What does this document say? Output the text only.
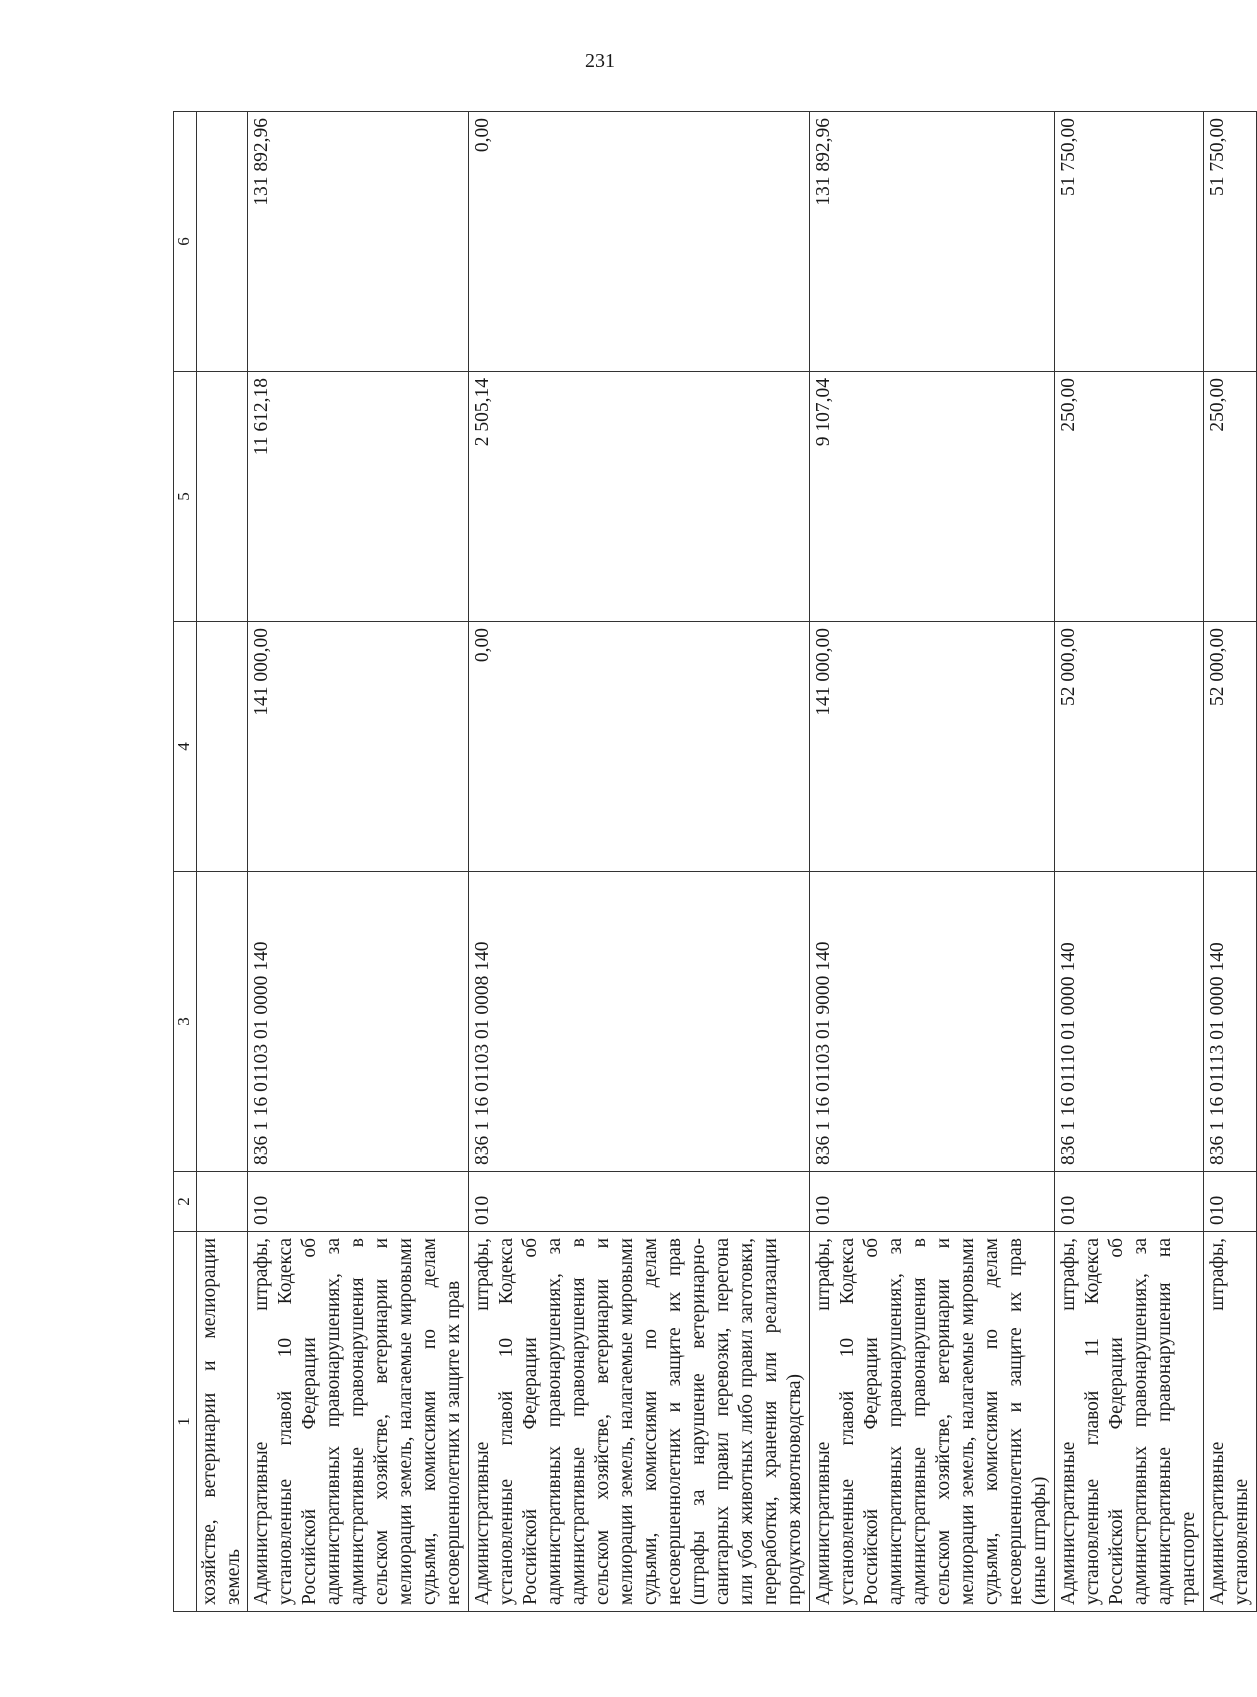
231
1	2	3	4	5	6
хозяйстве, ветеринарии и мелиорации земель					
Административные штрафы, установленные главой 10 Кодекса Российской Федерации об административных правонарушениях, за административные правонарушения в сельском хозяйстве, ветеринарии и мелиорации земель, налагаемые мировыми судьями, комиссиями по делам несовершеннолетних и защите их прав	010	836 1 16 01103 01 0000 140	141 000,00	11 612,18	131 892,96
Административные штрафы, установленные главой 10 Кодекса Российской Федерации об административных правонарушениях, за административные правонарушения в сельском хозяйстве, ветеринарии и мелиорации земель, налагаемые мировыми судьями, комиссиями по делам несовершеннолетних и защите их прав (штрафы за нарушение ветеринарно-санитарных правил перевозки, перегона или убоя животных либо правил заготовки, переработки, хранения или реализации продуктов животноводства)	010	836 1 16 01103 01 0008 140	0,00	2 505,14	0,00
Административные штрафы, установленные главой 10 Кодекса Российской Федерации об административных правонарушениях, за административные правонарушения в сельском хозяйстве, ветеринарии и мелиорации земель, налагаемые мировыми судьями, комиссиями по делам несовершеннолетних и защите их прав (иные штрафы)	010	836 1 16 01103 01 9000 140	141 000,00	9 107,04	131 892,96
Административные штрафы, установленные главой 11 Кодекса Российской Федерации об административных правонарушениях, за административные правонарушения на транспорте	010	836 1 16 01110 01 0000 140	52 000,00	250,00	51 750,00
Административные штрафы, установленные	010	836 1 16 01113 01 0000 140	52 000,00	250,00	51 750,00
